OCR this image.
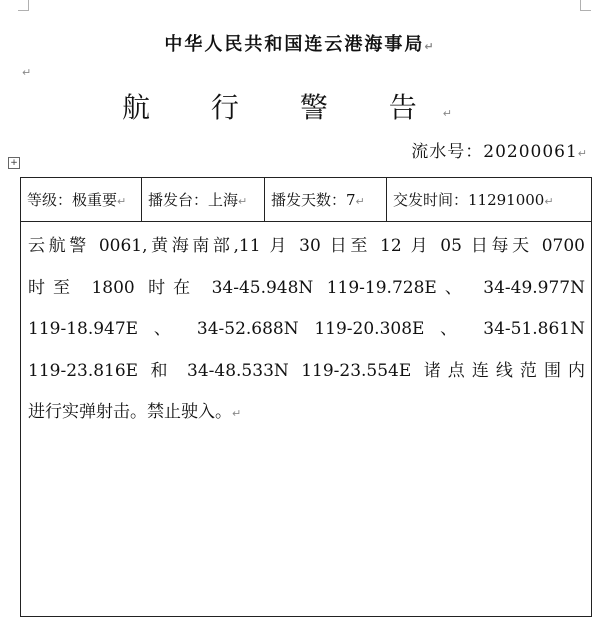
中华人民共和国连云港海事局↵
↵
航 行 警 告↵
流水号：20200061↵
+
等级：极重要↵	播发台：上海↵	播发天数：7↵	交发时间：11291000↵

云航警 0061,黄海南部,11 月 30 日至 12 月 05 日每天 0700
时至 1800 时在 34-45.948N 119-19.728E、 34-49.977N
119-18.947E 、 34-52.688N 119-20.308E 、 34-51.861N
119-23.816E 和 34-48.533N 119-23.554E 诸点连线范围内
进行实弹射击。禁止驶入。↵
